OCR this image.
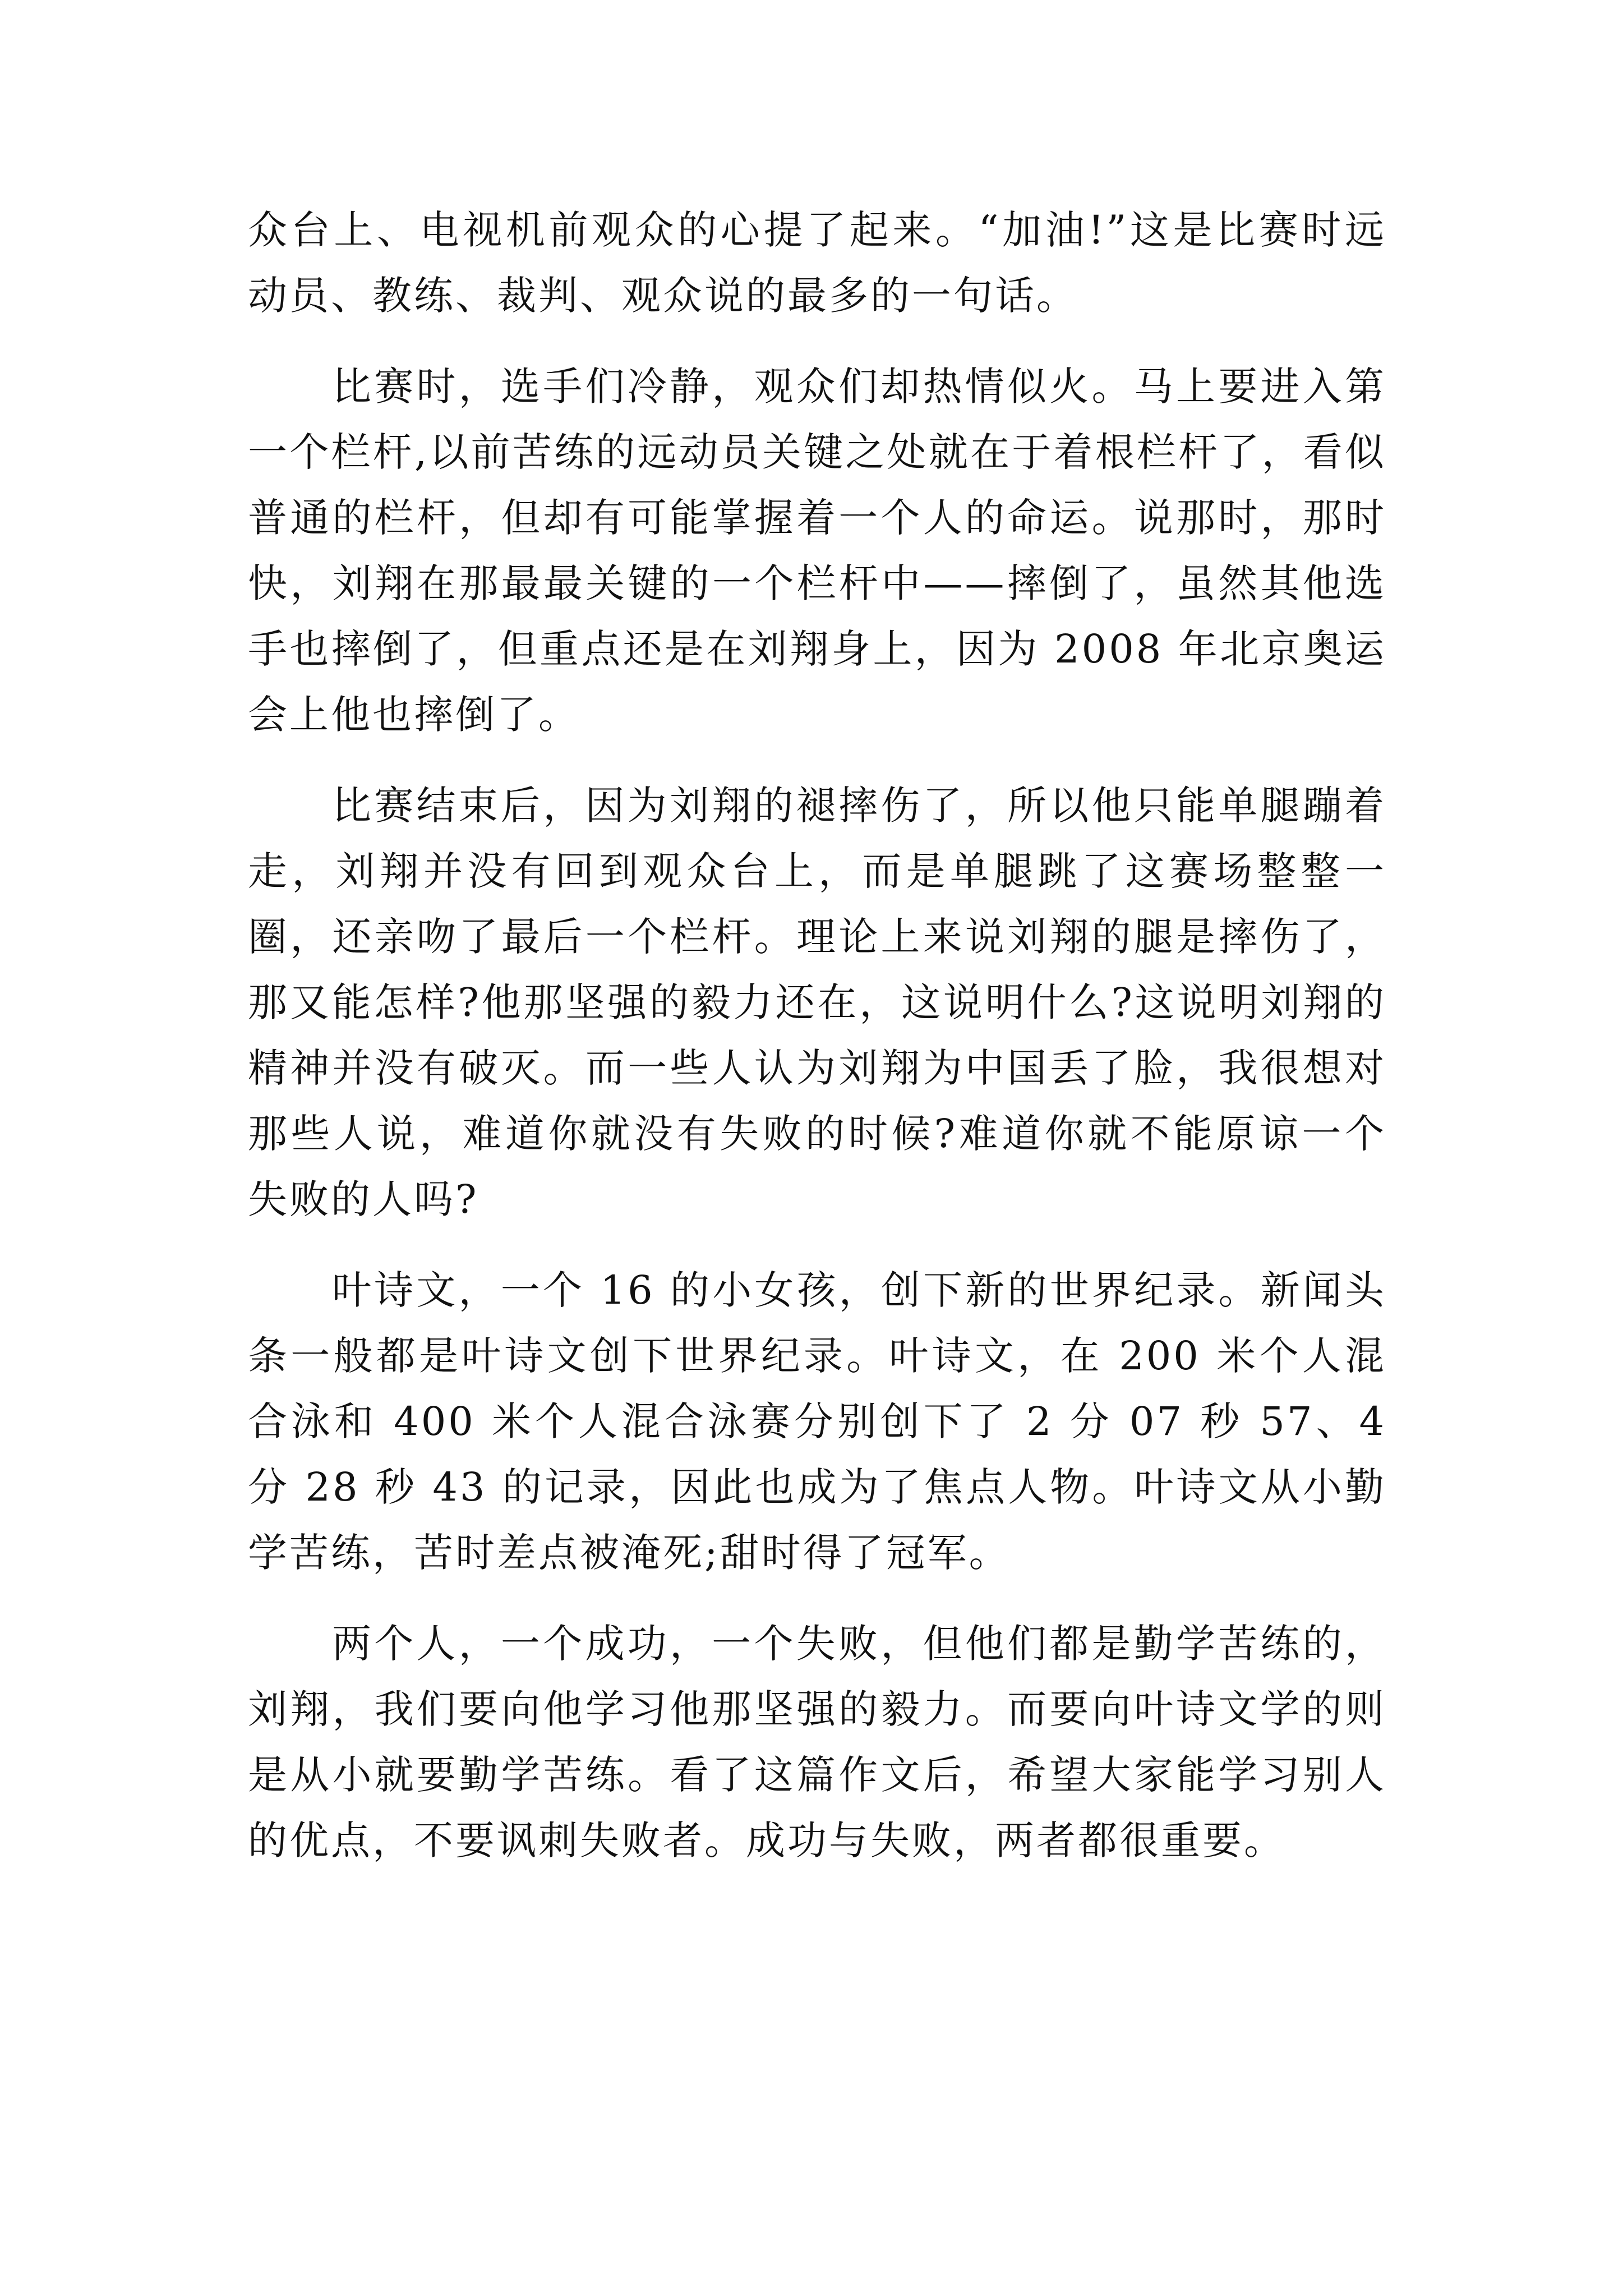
众台上、电视机前观众的心提了起来。“加油!”这是比赛时远动员、教练、裁判、观众说的最多的一句话。

比赛时，选手们冷静，观众们却热情似火。马上要进入第一个栏杆,以前苦练的远动员关键之处就在于着根栏杆了，看似普通的栏杆，但却有可能掌握着一个人的命运。说那时，那时快，刘翔在那最最关键的一个栏杆中——摔倒了，虽然其他选手也摔倒了，但重点还是在刘翔身上，因为 2008 年北京奥运会上他也摔倒了。

比赛结束后，因为刘翔的褪摔伤了，所以他只能单腿蹦着走，刘翔并没有回到观众台上，而是单腿跳了这赛场整整一圈，还亲吻了最后一个栏杆。理论上来说刘翔的腿是摔伤了，那又能怎样?他那坚强的毅力还在，这说明什么?这说明刘翔的精神并没有破灭。而一些人认为刘翔为中国丢了脸，我很想对那些人说，难道你就没有失败的时候?难道你就不能原谅一个失败的人吗?

叶诗文，一个 16 的小女孩，创下新的世界纪录。新闻头条一般都是叶诗文创下世界纪录。叶诗文，在 200 米个人混合泳和 400 米个人混合泳赛分别创下了 2 分 07 秒 57、4 分 28 秒 43 的记录，因此也成为了焦点人物。叶诗文从小勤学苦练，苦时差点被淹死;甜时得了冠军。

两个人，一个成功，一个失败，但他们都是勤学苦练的，刘翔，我们要向他学习他那坚强的毅力。而要向叶诗文学的则是从小就要勤学苦练。看了这篇作文后，希望大家能学习别人的优点，不要讽刺失败者。成功与失败，两者都很重要。
